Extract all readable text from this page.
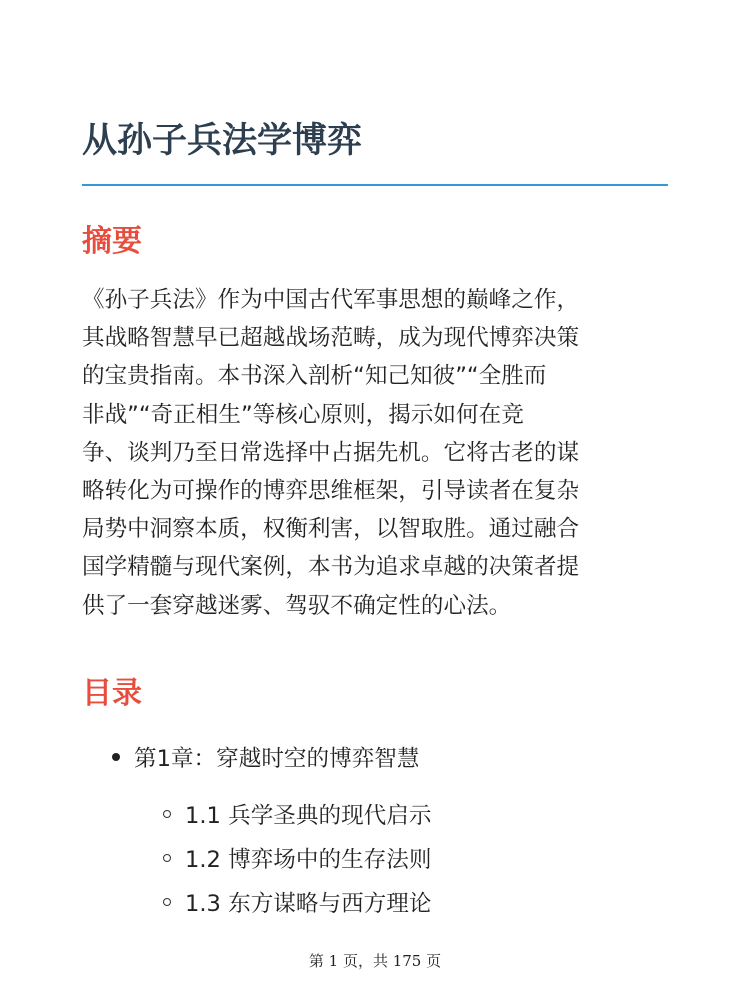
从孙子兵法学博弈
摘要

《孙子兵法》作为中国古代军事思想的巅峰之作，
其战略智慧早已超越战场范畴，成为现代博弈决策
的宝贵指南。本书深入剖析“知己知彼”“全胜而
非战”“奇正相生”等核心原则，揭示如何在竞
争、谈判乃至日常选择中占据先机。它将古老的谋
略转化为可操作的博弈思维框架，引导读者在复杂
局势中洞察本质，权衡利害，以智取胜。通过融合
国学精髓与现代案例，本书为追求卓越的决策者提
供了一套穿越迷雾、驾驭不确定性的心法。

目录
第1章：穿越时空的博弈智慧
1.1 兵学圣典的现代启示
1.2 博弈场中的生存法则
1.3 东方谋略与西方理论
第 1 页，共 175 页
